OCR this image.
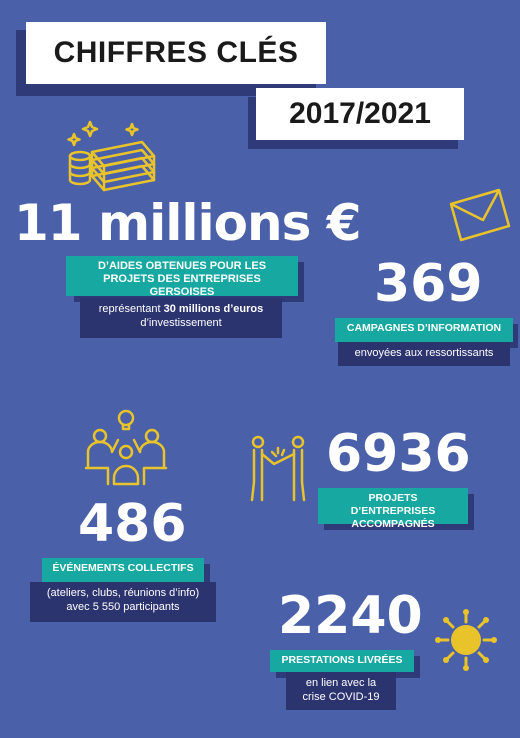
CHIFFRES CLÉS
2017/2021
11 millions €
D’AIDES OBTENUES POUR LES PROJETS DES ENTREPRISES GERSOISES
représentant 30 millions d’euros d’investissement
369
CAMPAGNES D’INFORMATION
envoyées aux ressortissants
486
ÉVÉNEMENTS COLLECTIFS
(ateliers, clubs, réunions d’info) avec 5 550 participants
6936
PROJETS D’ENTREPRISES ACCOMPAGNÉS
2240
PRESTATIONS LIVRÉES
en lien avec la crise COVID-19
